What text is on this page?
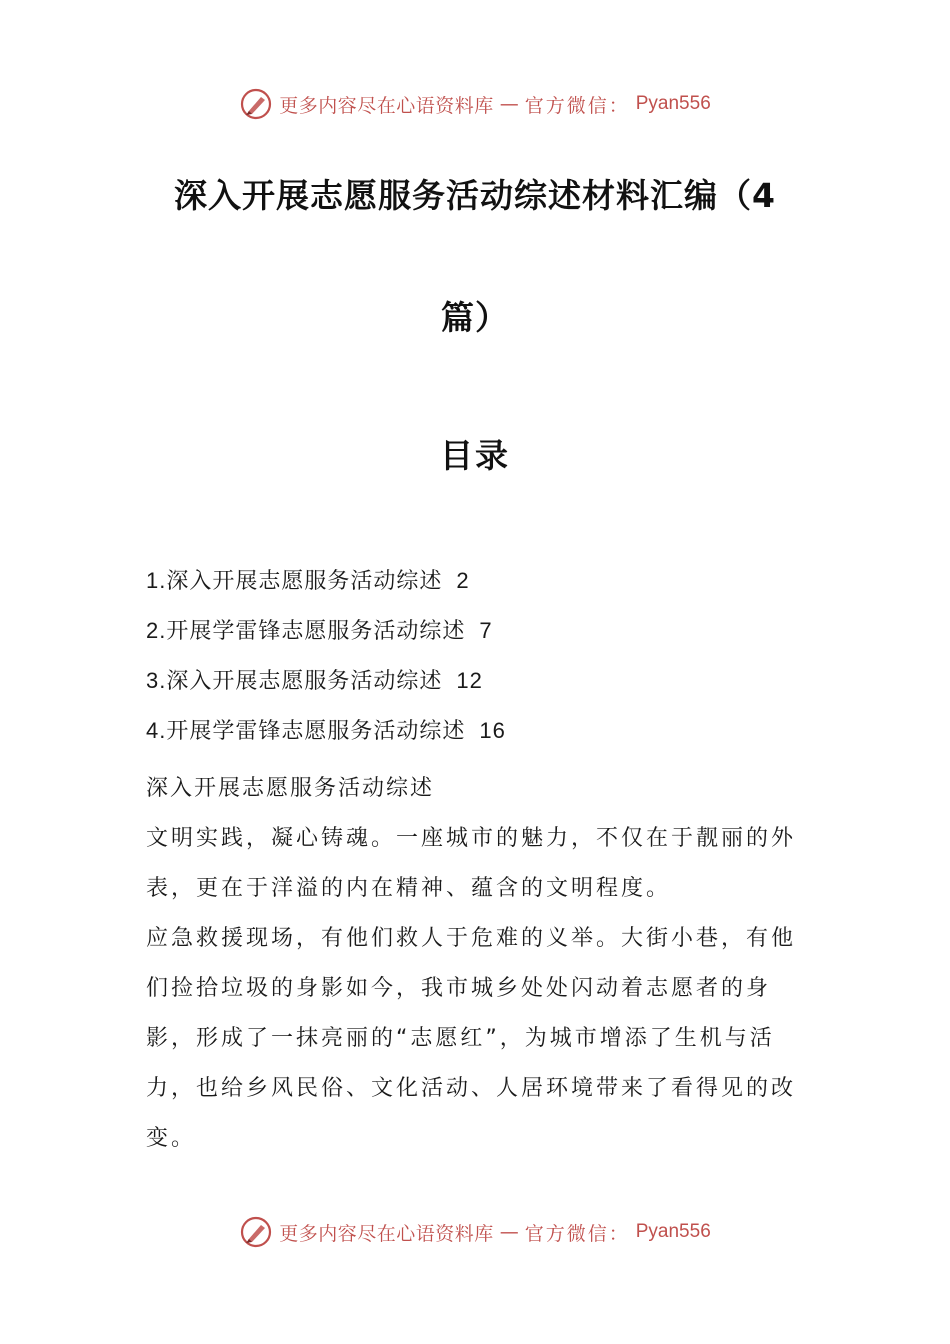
更多内容尽在心语资料库 — 官方微信： Pyan556
深入开展志愿服务活动综述材料汇编（4
篇）
目录
1.深入开展志愿服务活动综述 2
2.开展学雷锋志愿服务活动综述 7
3.深入开展志愿服务活动综述 12
4.开展学雷锋志愿服务活动综述 16

深入开展志愿服务活动综述

文明实践，凝心铸魂。一座城市的魅力，不仅在于靓丽的外表，更在于洋溢的内在精神、蕴含的文明程度。

应急救援现场，有他们救人于危难的义举。大街小巷，有他们捡拾垃圾的身影如今，我市城乡处处闪动着志愿者的身影，形成了一抹亮丽的“志愿红”，为城市增添了生机与活力，也给乡风民俗、文化活动、人居环境带来了看得见的改变。

更多内容尽在心语资料库 — 官方微信： Pyan556
